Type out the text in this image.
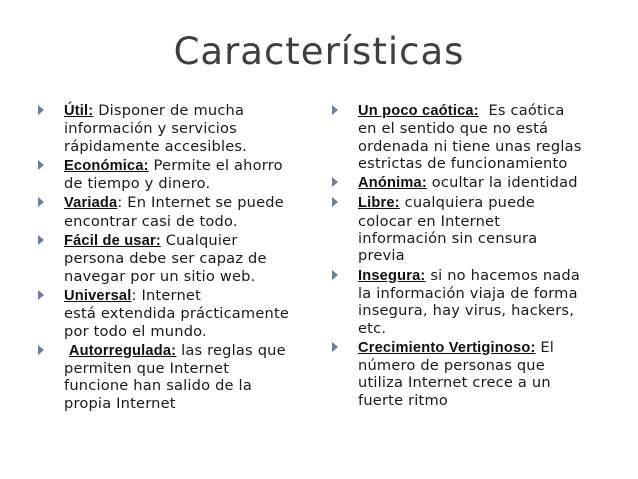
Características
Útil: Disponer de mucha
información y servicios
rápidamente accesibles.
Económica: Permite el ahorro
de tiempo y dinero.
Variada: En Internet se puede
encontrar casi de todo.
Fácil de usar: Cualquier
persona debe ser capaz de
navegar por un sitio web.
Universal: Internet
está extendida prácticamente
por todo el mundo.
Autorregulada: las reglas que
permiten que Internet
funcione han salido de la
propia Internet
Un poco caótica:  Es caótica
en el sentido que no está
ordenada ni tiene unas reglas
estrictas de funcionamiento
Anónima: ocultar la identidad
Libre: cualquiera puede
colocar en Internet
información sin censura
previa
Insegura: si no hacemos nada
la información viaja de forma
insegura, hay virus, hackers,
etc.
Crecimiento Vertiginoso: El
número de personas que
utiliza Internet crece a un
fuerte ritmo
